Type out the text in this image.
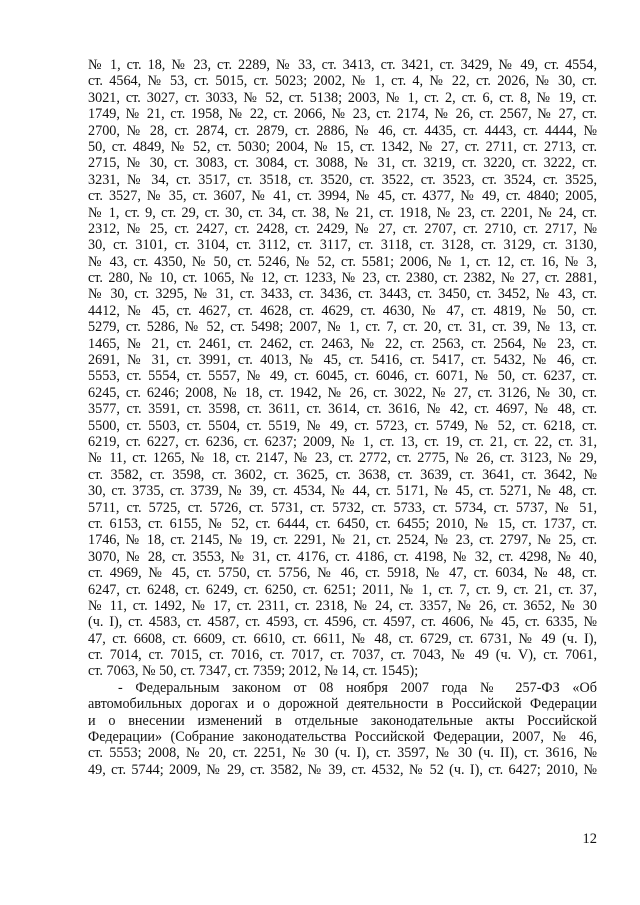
№ 1, ст. 18, № 23, ст. 2289, № 33, ст. 3413, ст. 3421, ст. 3429, № 49, ст. 4554,
ст. 4564, № 53, ст. 5015, ст. 5023; 2002, № 1, ст. 4, № 22, ст. 2026, № 30, ст.
3021, ст. 3027, ст. 3033, № 52, ст. 5138; 2003, № 1, ст. 2, ст. 6, ст. 8, № 19, ст.
1749, № 21, ст. 1958, № 22, ст. 2066, № 23, ст. 2174, № 26, ст. 2567, № 27, ст.
2700, № 28, ст. 2874, ст. 2879, ст. 2886, № 46, ст. 4435, ст. 4443, ст. 4444, №
50, ст. 4849, № 52, ст. 5030; 2004, № 15, ст. 1342, № 27, ст. 2711, ст. 2713, ст.
2715, № 30, ст. 3083, ст. 3084, ст. 3088, № 31, ст. 3219, ст. 3220, ст. 3222, ст.
3231, № 34, ст. 3517, ст. 3518, ст. 3520, ст. 3522, ст. 3523, ст. 3524, ст. 3525,
ст. 3527, № 35, ст. 3607, № 41, ст. 3994, № 45, ст. 4377, № 49, ст. 4840; 2005,
№ 1, ст. 9, ст. 29, ст. 30, ст. 34, ст. 38, № 21, ст. 1918, № 23, ст. 2201, № 24, ст.
2312, № 25, ст. 2427, ст. 2428, ст. 2429, № 27, ст. 2707, ст. 2710, ст. 2717, №
30, ст. 3101, ст. 3104, ст. 3112, ст. 3117, ст. 3118, ст. 3128, ст. 3129, ст. 3130,
№ 43, ст. 4350, № 50, ст. 5246, № 52, ст. 5581; 2006, № 1, ст. 12, ст. 16, № 3,
ст. 280, № 10, ст. 1065, № 12, ст. 1233, № 23, ст. 2380, ст. 2382, № 27, ст. 2881,
№ 30, ст. 3295, № 31, ст. 3433, ст. 3436, ст. 3443, ст. 3450, ст. 3452, № 43, ст.
4412, № 45, ст. 4627, ст. 4628, ст. 4629, ст. 4630, № 47, ст. 4819, № 50, ст.
5279, ст. 5286, № 52, ст. 5498; 2007, № 1, ст. 7, ст. 20, ст. 31, ст. 39, № 13, ст.
1465, № 21, ст. 2461, ст. 2462, ст. 2463, № 22, ст. 2563, ст. 2564, № 23, ст.
2691, № 31, ст. 3991, ст. 4013, № 45, ст. 5416, ст. 5417, ст. 5432, № 46, ст.
5553, ст. 5554, ст. 5557, № 49, ст. 6045, ст. 6046, ст. 6071, № 50, ст. 6237, ст.
6245, ст. 6246; 2008, № 18, ст. 1942, № 26, ст. 3022, № 27, ст. 3126, № 30, ст.
3577, ст. 3591, ст. 3598, ст. 3611, ст. 3614, ст. 3616, № 42, ст. 4697, № 48, ст.
5500, ст. 5503, ст. 5504, ст. 5519, № 49, ст. 5723, ст. 5749, № 52, ст. 6218, ст.
6219, ст. 6227, ст. 6236, ст. 6237; 2009, № 1, ст. 13, ст. 19, ст. 21, ст. 22, ст. 31,
№ 11, ст. 1265, № 18, ст. 2147, № 23, ст. 2772, ст. 2775, № 26, ст. 3123, № 29,
ст. 3582, ст. 3598, ст. 3602, ст. 3625, ст. 3638, ст. 3639, ст. 3641, ст. 3642, №
30, ст. 3735, ст. 3739, № 39, ст. 4534, № 44, ст. 5171, № 45, ст. 5271, № 48, ст.
5711, ст. 5725, ст. 5726, ст. 5731, ст. 5732, ст. 5733, ст. 5734, ст. 5737, № 51,
ст. 6153, ст. 6155, № 52, ст. 6444, ст. 6450, ст. 6455; 2010, № 15, ст. 1737, ст.
1746, № 18, ст. 2145, № 19, ст. 2291, № 21, ст. 2524, № 23, ст. 2797, № 25, ст.
3070, № 28, ст. 3553, № 31, ст. 4176, ст. 4186, ст. 4198, № 32, ст. 4298, № 40,
ст. 4969, № 45, ст. 5750, ст. 5756, № 46, ст. 5918, № 47, ст. 6034, № 48, ст.
6247, ст. 6248, ст. 6249, ст. 6250, ст. 6251; 2011, № 1, ст. 7, ст. 9, ст. 21, ст. 37,
№ 11, ст. 1492, № 17, ст. 2311, ст. 2318, № 24, ст. 3357, № 26, ст. 3652, № 30
(ч. I), ст. 4583, ст. 4587, ст. 4593, ст. 4596, ст. 4597, ст. 4606, № 45, ст. 6335, №
47, ст. 6608, ст. 6609, ст. 6610, ст. 6611, № 48, ст. 6729, ст. 6731, № 49 (ч. I),
ст. 7014, ст. 7015, ст. 7016, ст. 7017, ст. 7037, ст. 7043, № 49 (ч. V), ст. 7061,
ст. 7063, № 50, ст. 7347, ст. 7359; 2012, № 14, ст. 1545);
- Федеральным законом от 08 ноября 2007 года № 257-ФЗ «Об
автомобильных дорогах и о дорожной деятельности в Российской Федерации
и о внесении изменений в отдельные законодательные акты Российской
Федерации» (Собрание законодательства Российской Федерации, 2007, № 46,
ст. 5553; 2008, № 20, ст. 2251, № 30 (ч. I), ст. 3597, № 30 (ч. II), ст. 3616, №
49, ст. 5744; 2009, № 29, ст. 3582, № 39, ст. 4532, № 52 (ч. I), ст. 6427; 2010, №
12
